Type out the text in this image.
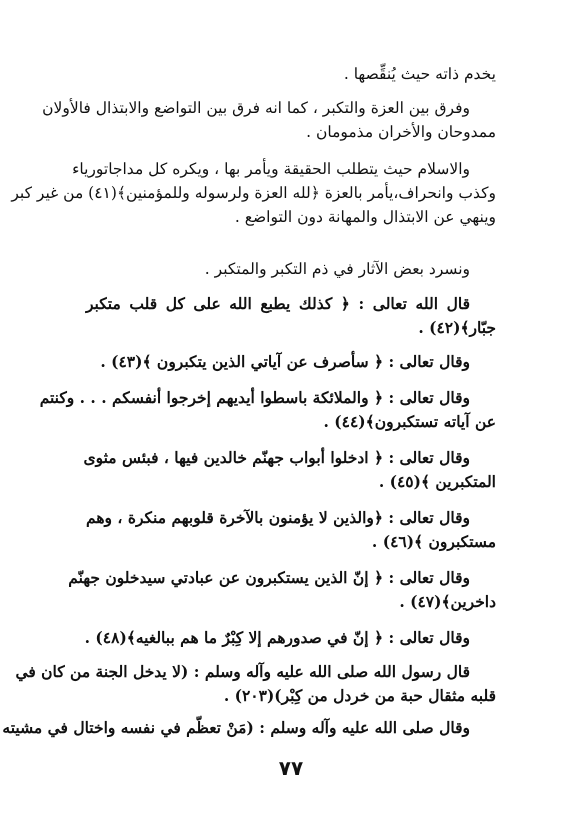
يخدم ذاته حيث يُنقِّصها .
وفرق بين العزة والتكبر ، كما انه فرق بين التواضع والابتذال فالأولان
ممدوحان والأخران مذمومان .
والاسلام حيث يتطلب الحقيقة ويأمر بها ، ويكره كل مداجاتورياء
وكذب وانحراف،يأمر بالعزة ﴿لله العزة ولرسوله وللمؤمنين﴾(٤١) من غير كبر
وينهي عن الابتذال والمهانة دون التواضع .
ونسرد بعض الآثار في ذم التكبر والمتكبر .
قال الله تعالى : ﴿ كذلك يطبع الله على كل قلب متكبر
جبّار﴾(٤٢) .
وقال تعالى : ﴿ سأصرف عن آياتي الذين يتكبرون ﴾(٤٣) .
وقال تعالى : ﴿ والملائكة باسطوا أيديهم إخرجوا أنفسكم . . . وكنتم
عن آياته تستكبرون﴾(٤٤) .
وقال تعالى : ﴿ ادخلوا أبواب جهنّم خالدين فيها ، فبئس مثوى
المتكبرين ﴾(٤٥) .
وقال تعالى : ﴿والذين لا يؤمنون بالآخرة قلوبهم منكرة ، وهم
مستكبرون ﴾(٤٦) .
وقال تعالى : ﴿ إنّ الذين يستكبرون عن عبادتي سيدخلون جهنّم
داخرين﴾(٤٧) .
وقال تعالى : ﴿ إنّ في صدورهم إلا كِبْرٌ ما هم ببالغيه﴾(٤٨) .
قال رسول الله صلى الله عليه وآله وسلم : (لا يدخل الجنة من كان في
قلبه مثقال حبة من خردل من كِبْر)(٢٠٣) .
وقال صلى الله عليه وآله وسلم : (مَنْ تعظّم في نفسه واختال في مشيته
٧٧
